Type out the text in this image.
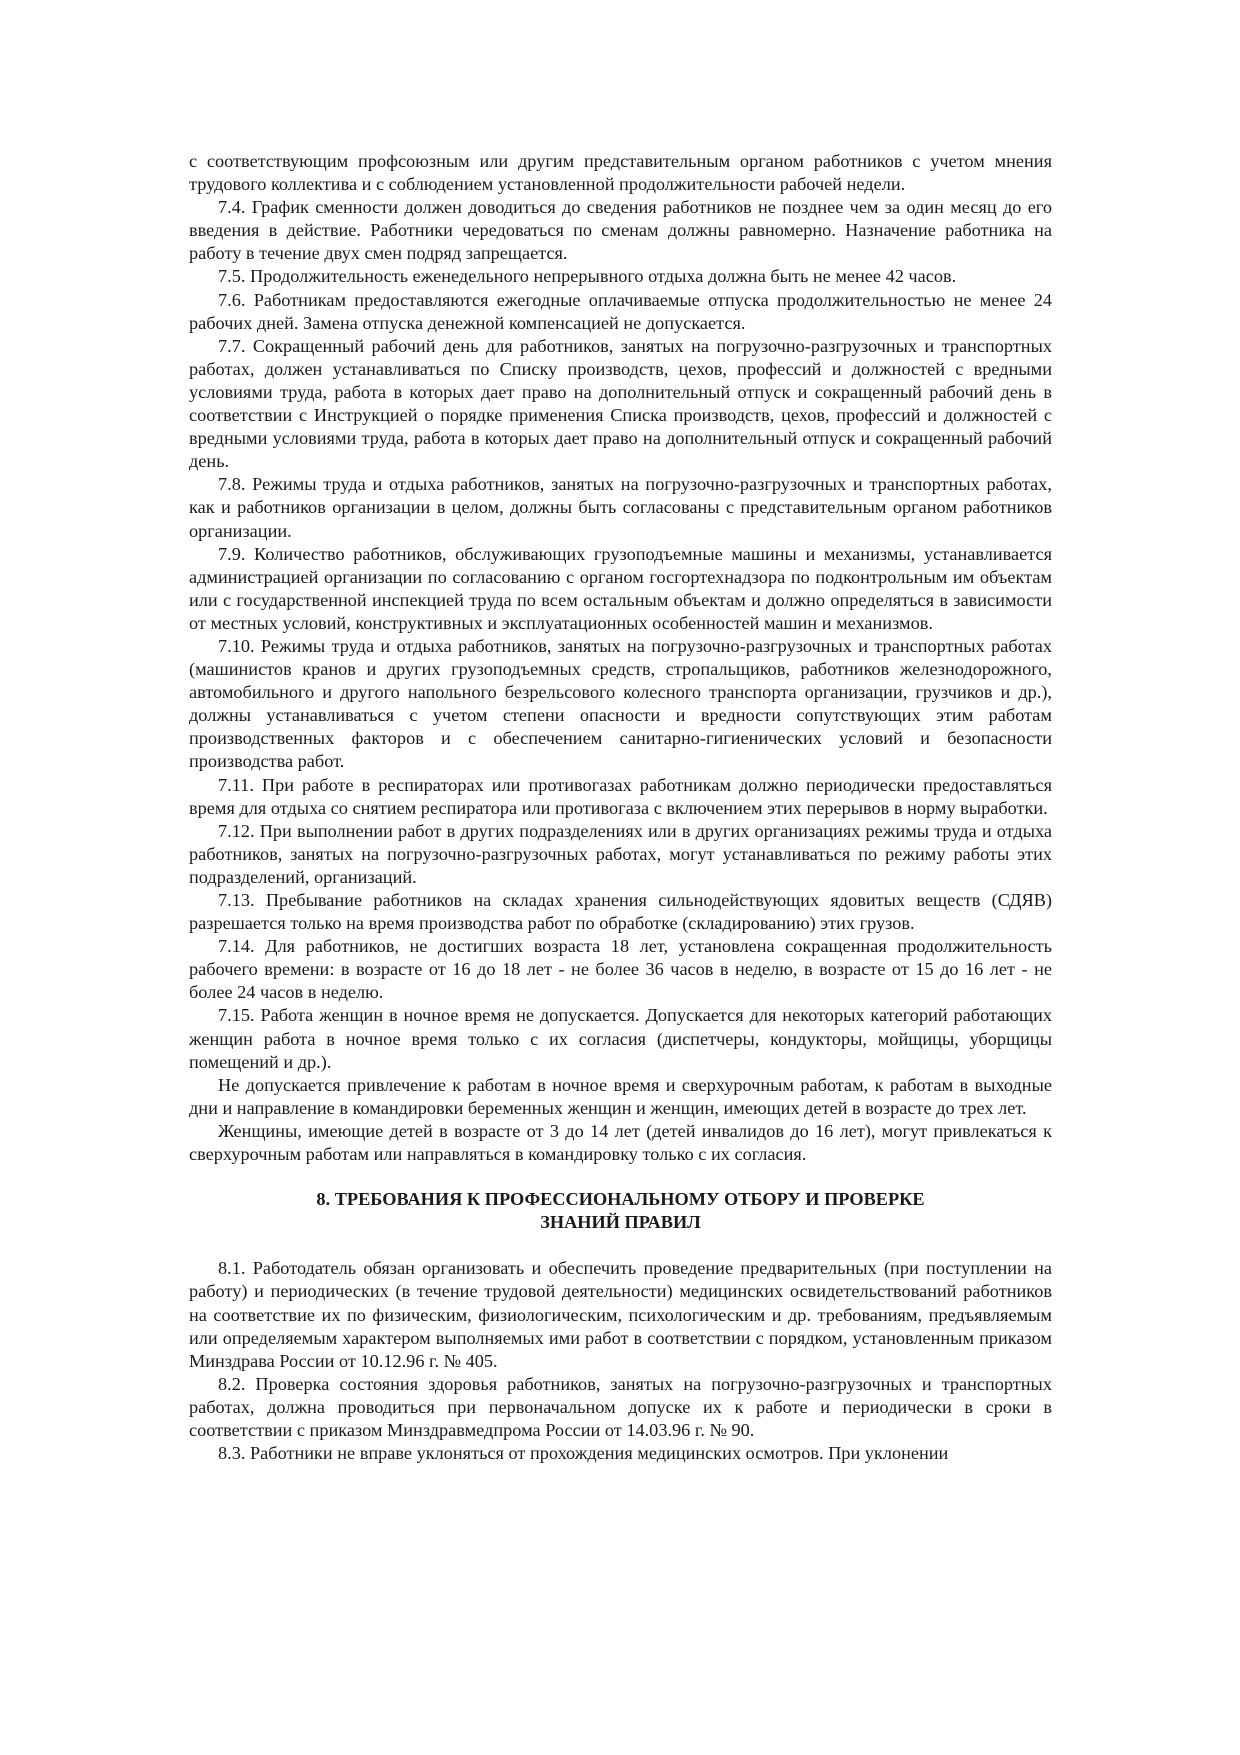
с соответствующим профсоюзным или другим представительным органом работников с учетом мнения трудового коллектива и с соблюдением установленной продолжительности рабочей недели.

7.4. График сменности должен доводиться до сведения работников не позднее чем за один месяц до его введения в действие. Работники чередоваться по сменам должны равномерно. Назначение работника на работу в течение двух смен подряд запрещается.

7.5. Продолжительность еженедельного непрерывного отдыха должна быть не менее 42 часов.

7.6. Работникам предоставляются ежегодные оплачиваемые отпуска продолжительностью не менее 24 рабочих дней. Замена отпуска денежной компенсацией не допускается.

7.7. Сокращенный рабочий день для работников, занятых на погрузочно-разгрузочных и транспортных работах, должен устанавливаться по Списку производств, цехов, профессий и должностей с вредными условиями труда, работа в которых дает право на дополнительный отпуск и сокращенный рабочий день в соответствии с Инструкцией о порядке применения Списка производств, цехов, профессий и должностей с вредными условиями труда, работа в которых дает право на дополнительный отпуск и сокращенный рабочий день.

7.8. Режимы труда и отдыха работников, занятых на погрузочно-разгрузочных и транспортных работах, как и работников организации в целом, должны быть согласованы с представительным органом работников организации.

7.9. Количество работников, обслуживающих грузоподъемные машины и механизмы, устанавливается администрацией организации по согласованию с органом госгортехнадзора по подконтрольным им объектам или с государственной инспекцией труда по всем остальным объектам и должно определяться в зависимости от местных условий, конструктивных и эксплуатационных особенностей машин и механизмов.

7.10. Режимы труда и отдыха работников, занятых на погрузочно-разгрузочных и транспортных работах (машинистов кранов и других грузоподъемных средств, стропальщиков, работников железнодорожного, автомобильного и другого напольного безрельсового колесного транспорта организации, грузчиков и др.), должны устанавливаться с учетом степени опасности и вредности сопутствующих этим работам производственных факторов и с обеспечением санитарно-гигиенических условий и безопасности производства работ.

7.11. При работе в респираторах или противогазах работникам должно периодически предоставляться время для отдыха со снятием респиратора или противогаза с включением этих перерывов в норму выработки.

7.12. При выполнении работ в других подразделениях или в других организациях режимы труда и отдыха работников, занятых на погрузочно-разгрузочных работах, могут устанавливаться по режиму работы этих подразделений, организаций.

7.13. Пребывание работников на складах хранения сильнодействующих ядовитых веществ (СДЯВ) разрешается только на время производства работ по обработке (складированию) этих грузов.

7.14. Для работников, не достигших возраста 18 лет, установлена сокращенная продолжительность рабочего времени: в возрасте от 16 до 18 лет - не более 36 часов в неделю, в возрасте от 15 до 16 лет - не более 24 часов в неделю.

7.15. Работа женщин в ночное время не допускается. Допускается для некоторых категорий работающих женщин работа в ночное время только с их согласия (диспетчеры, кондукторы, мойщицы, уборщицы помещений и др.).

Не допускается привлечение к работам в ночное время и сверхурочным работам, к работам в выходные дни и направление в командировки беременных женщин и женщин, имеющих детей в возрасте до трех лет.

Женщины, имеющие детей в возрасте от 3 до 14 лет (детей инвалидов до 16 лет), могут привлекаться к сверхурочным работам или направляться в командировку только с их согласия.

8. ТРЕБОВАНИЯ К ПРОФЕССИОНАЛЬНОМУ ОТБОРУ И ПРОВЕРКЕ
ЗНАНИЙ ПРАВИЛ

8.1. Работодатель обязан организовать и обеспечить проведение предварительных (при поступлении на работу) и периодических (в течение трудовой деятельности) медицинских освидетельствований работников на соответствие их по физическим, физиологическим, психологическим и др. требованиям, предъявляемым или определяемым характером выполняемых ими работ в соответствии с порядком, установленным приказом Минздрава России от 10.12.96 г. № 405.

8.2. Проверка состояния здоровья работников, занятых на погрузочно-разгрузочных и транспортных работах, должна проводиться при первоначальном допуске их к работе и периодически в сроки в соответствии с приказом Минздравмедпрома России от 14.03.96 г. № 90.

8.3. Работники не вправе уклоняться от прохождения медицинских осмотров. При уклонении
